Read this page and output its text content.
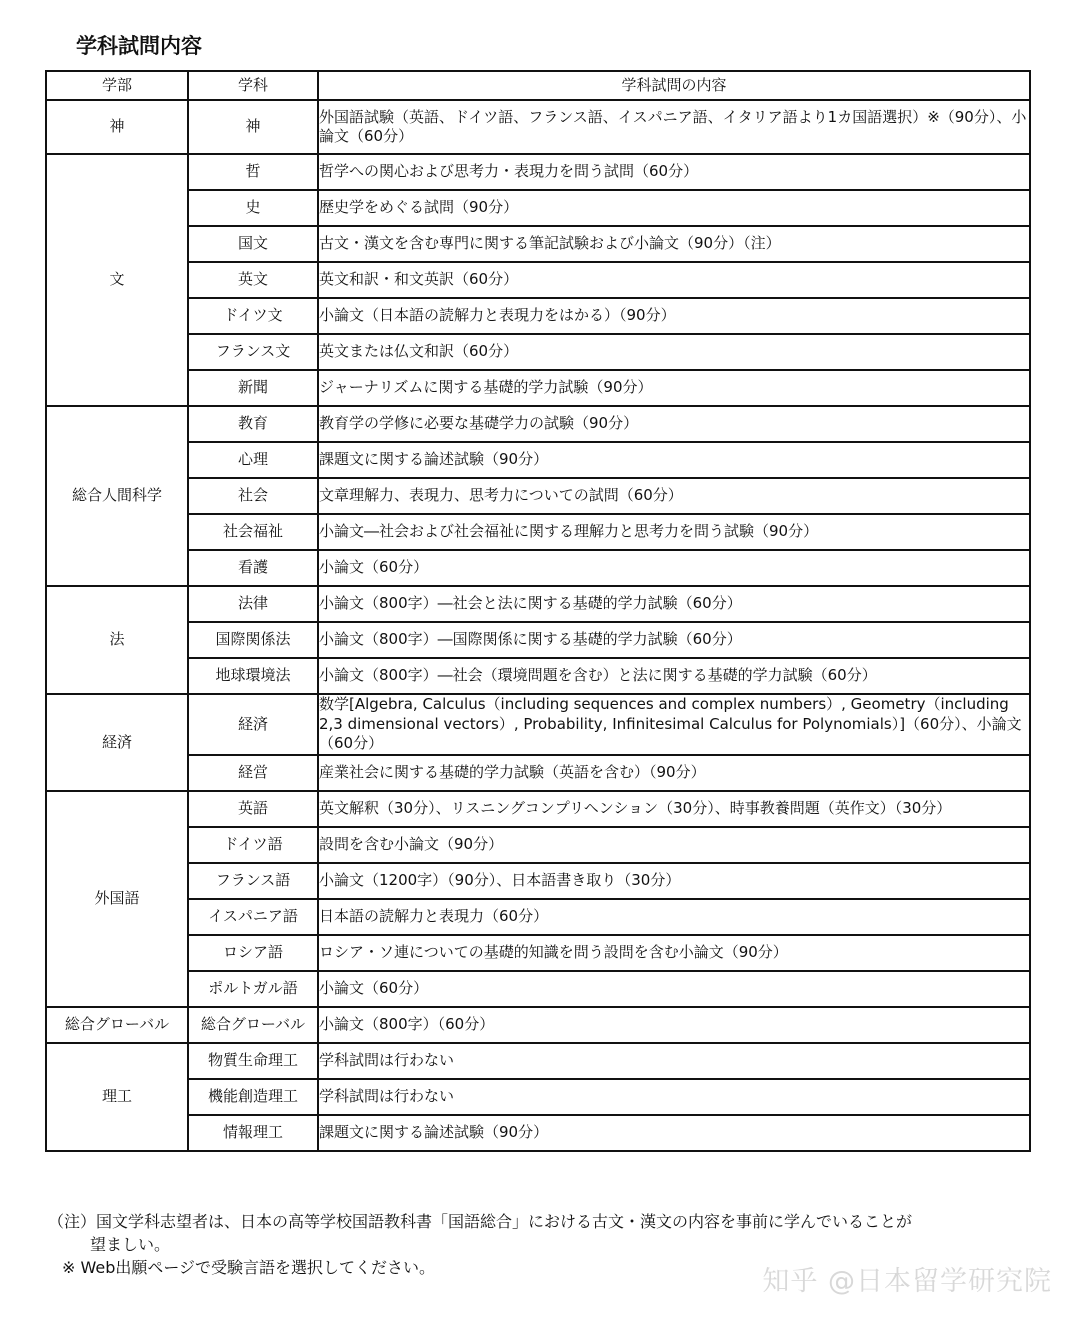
学科試問内容
学部	学科	学科試問の内容
神	神	外国語試験（英語、ドイツ語、フランス語、イスパニア語、イタリア語より1カ国語選択）※（90分）、小論文（60分）
文	哲	哲学への関心および思考力・表現力を問う試問（60分）
	史	歴史学をめぐる試問（90分）
	国文	古文・漢文を含む専門に関する筆記試験および小論文（90分）（注）
	英文	英文和訳・和文英訳（60分）
	ドイツ文	小論文（日本語の読解力と表現力をはかる）（90分）
	フランス文	英文または仏文和訳（60分）
	新聞	ジャーナリズムに関する基礎的学力試験（90分）
総合人間科学	教育	教育学の学修に必要な基礎学力の試験（90分）
	心理	課題文に関する論述試験（90分）
	社会	文章理解力、表現力、思考力についての試問（60分）
	社会福祉	小論文―社会および社会福祉に関する理解力と思考力を問う試験（90分）
	看護	小論文（60分）
法	法律	小論文（800字）―社会と法に関する基礎的学力試験（60分）
	国際関係法	小論文（800字）―国際関係に関する基礎的学力試験（60分）
	地球環境法	小論文（800字）―社会（環境問題を含む）と法に関する基礎的学力試験（60分）
経済	経済	数学[Algebra, Calculus（including sequences and complex numbers）, Geometry（including 2,3 dimensional vectors）, Probability, Infinitesimal Calculus for Polynomials）]（60分）、小論文（60分）
	経営	産業社会に関する基礎的学力試験（英語を含む）（90分）
外国語	英語	英文解釈（30分）、リスニングコンプリヘンション（30分）、時事教養問題（英作文）（30分）
	ドイツ語	設問を含む小論文（90分）
	フランス語	小論文（1200字）（90分）、日本語書き取り（30分）
	イスパニア語	日本語の読解力と表現力（60分）
	ロシア語	ロシア・ソ連についての基礎的知識を問う設問を含む小論文（90分）
	ポルトガル語	小論文（60分）
総合グローバル	総合グローバル	小論文（800字）（60分）
理工	物質生命理工	学科試問は行わない
	機能創造理工	学科試問は行わない
	情報理工	課題文に関する論述試験（90分）
（注）国文学科志望者は、日本の高等学校国語教科書「国語総合」における古文・漢文の内容を事前に学んでいることが
望ましい。
※ Web出願ページで受験言語を選択してください。	知乎 @日本留学研究院
